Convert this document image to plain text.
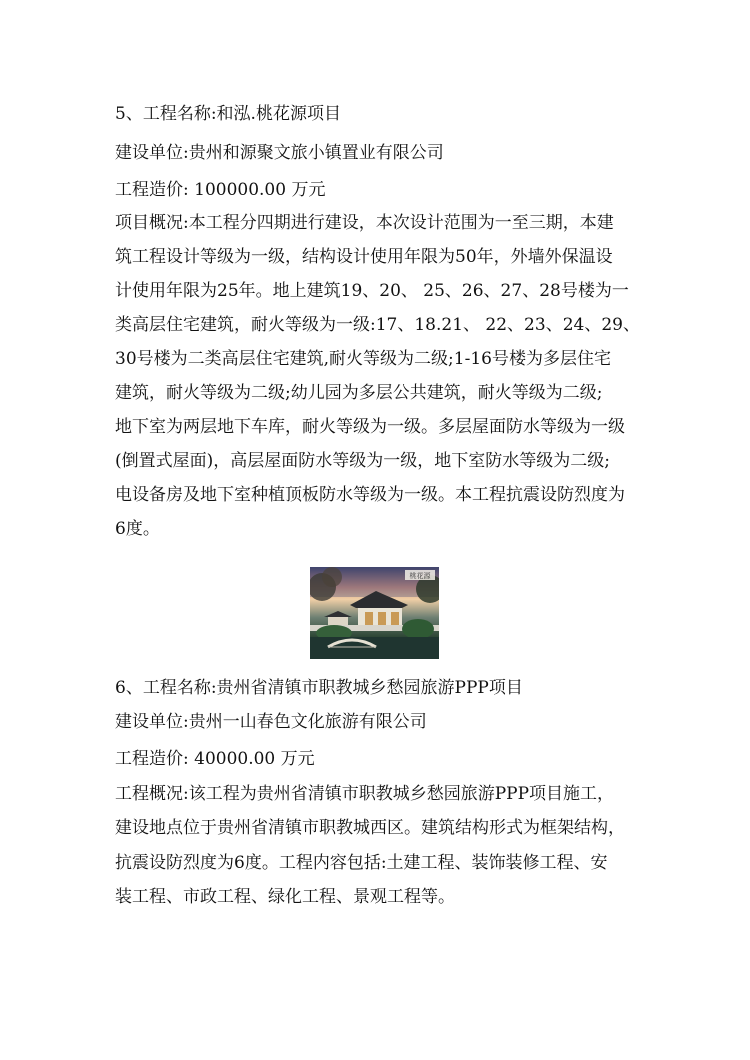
5、工程名称:和泓.桃花源项目
建设单位:贵州和源聚文旅小镇置业有限公司
工程造价: 100000.00 万元
项目概况:本工程分四期进行建设，本次设计范围为一至三期，本建
筑工程设计等级为一级，结构设计使用年限为50年，外墙外保温设
计使用年限为25年。地上建筑19、20、 25、26、27、28号楼为一
类高层住宅建筑，耐火等级为一级:17、18.21、 22、23、24、29、
30号楼为二类高层住宅建筑,耐火等级为二级;1-16号楼为多层住宅
建筑，耐火等级为二级;幼儿园为多层公共建筑，耐火等级为二级;
地下室为两层地下车库，耐火等级为一级。多层屋面防水等级为一级
(倒置式屋面)，高层屋面防水等级为一级，地下室防水等级为二级;
电设备房及地下室种植顶板防水等级为一级。本工程抗震设防烈度为
6度。
桃花源
6、工程名称:贵州省清镇市职教城乡愁园旅游PPP项目
建设单位:贵州一山春色文化旅游有限公司
工程造价: 40000.00 万元
工程概况:该工程为贵州省清镇市职教城乡愁园旅游PPP项目施工，
建设地点位于贵州省清镇市职教城西区。建筑结构形式为框架结构，
抗震设防烈度为6度。工程内容包括:土建工程、装饰装修工程、安
装工程、市政工程、绿化工程、景观工程等。
